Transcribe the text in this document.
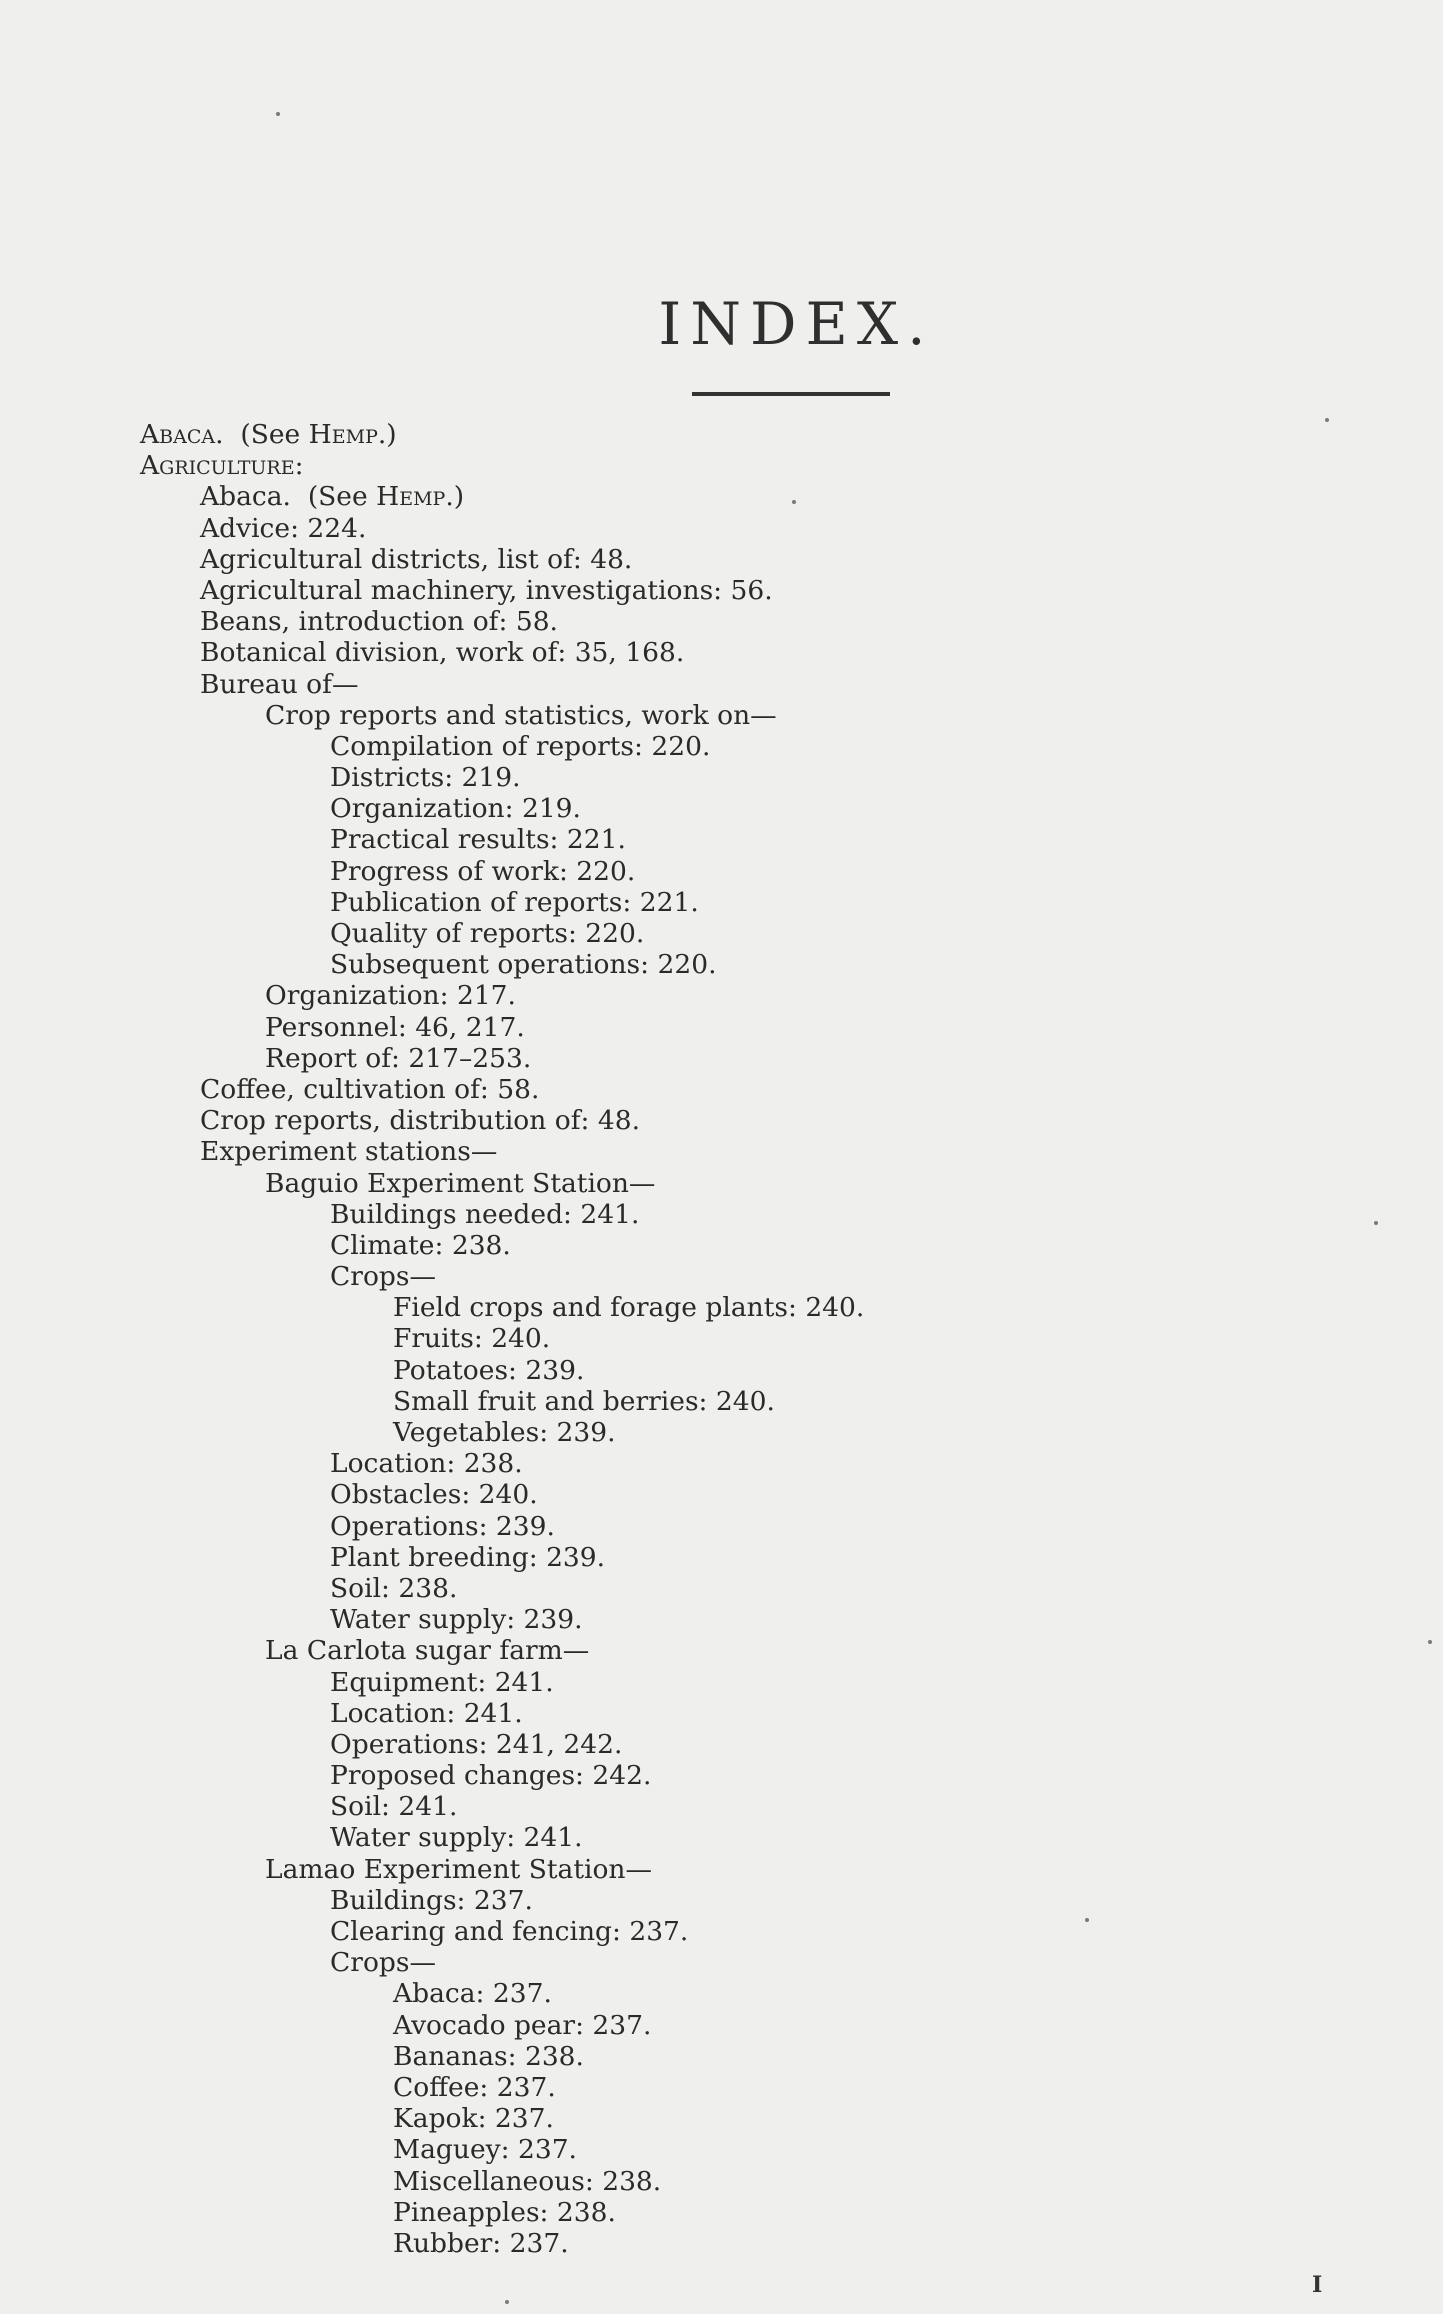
INDEX.
Abaca.  (See Hemp.)
Agriculture:
Abaca.  (See Hemp.)
Advice: 224.
Agricultural districts, list of: 48.
Agricultural machinery, investigations: 56.
Beans, introduction of: 58.
Botanical division, work of: 35, 168.
Bureau of—
Crop reports and statistics, work on—
Compilation of reports: 220.
Districts: 219.
Organization: 219.
Practical results: 221.
Progress of work: 220.
Publication of reports: 221.
Quality of reports: 220.
Subsequent operations: 220.
Organization: 217.
Personnel: 46, 217.
Report of: 217–253.
Coffee, cultivation of: 58.
Crop reports, distribution of: 48.
Experiment stations—
Baguio Experiment Station—
Buildings needed: 241.
Climate: 238.
Crops—
Field crops and forage plants: 240.
Fruits: 240.
Potatoes: 239.
Small fruit and berries: 240.
Vegetables: 239.
Location: 238.
Obstacles: 240.
Operations: 239.
Plant breeding: 239.
Soil: 238.
Water supply: 239.
La Carlota sugar farm—
Equipment: 241.
Location: 241.
Operations: 241, 242.
Proposed changes: 242.
Soil: 241.
Water supply: 241.
Lamao Experiment Station—
Buildings: 237.
Clearing and fencing: 237.
Crops—
Abaca: 237.
Avocado pear: 237.
Bananas: 238.
Coffee: 237.
Kapok: 237.
Maguey: 237.
Miscellaneous: 238.
Pineapples: 238.
Rubber: 237.
I
